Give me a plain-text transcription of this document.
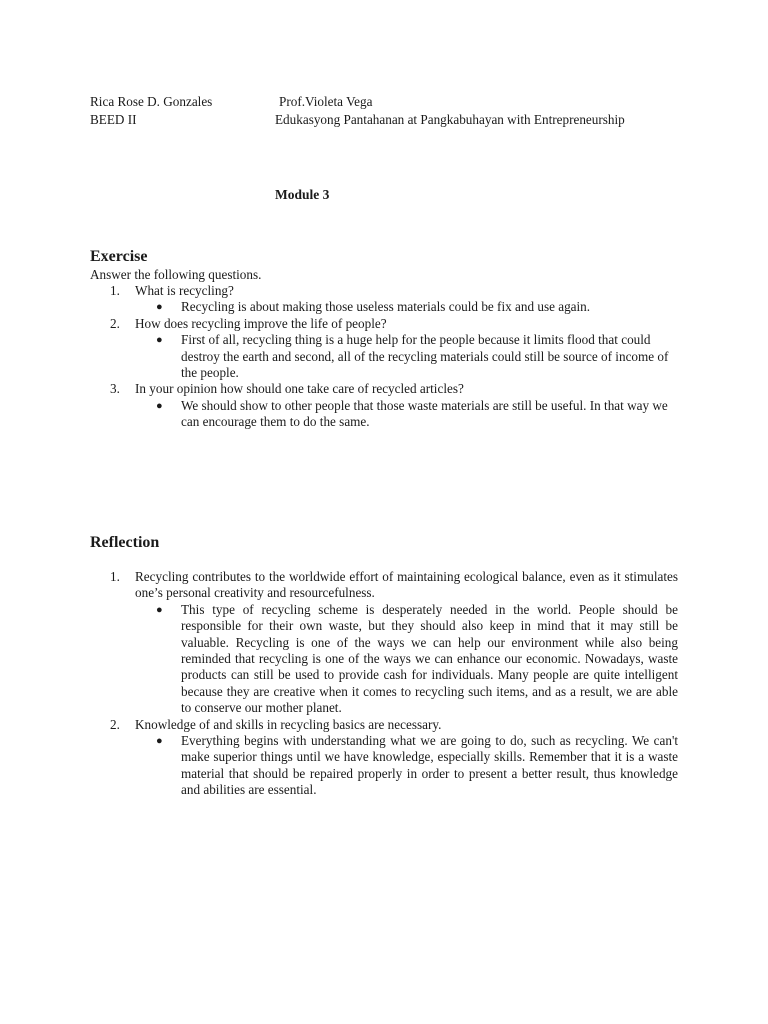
Rica Rose D. Gonzales	Prof.Violeta Vega
BEED II	Edukasyong Pantahanan at Pangkabuhayan with Entrepreneurship
Module 3
Exercise
Answer the following questions.
1.	What is recycling?
● Recycling is about making those useless materials could be fix and use again.
2.	How does recycling improve the life of people?
● First of all, recycling thing is a huge help for the people because it limits flood that could destroy the earth and second, all of the recycling materials could still be source of income of the people.
3.	In your opinion how should one take care of recycled articles?
● We should show to other people that those waste materials are still be useful. In that way we can encourage them to do the same.
Reflection
1.	Recycling contributes to the worldwide effort of maintaining ecological balance, even as it stimulates one’s personal creativity and resourcefulness.
● This type of recycling scheme is desperately needed in the world. People should be responsible for their own waste, but they should also keep in mind that it may still be valuable. Recycling is one of the ways we can help our environment while also being reminded that recycling is one of the ways we can enhance our economic. Nowadays, waste products can still be used to provide cash for individuals. Many people are quite intelligent because they are creative when it comes to recycling such items, and as a result, we are able to conserve our mother planet.
2.	Knowledge of and skills in recycling basics are necessary.
● Everything begins with understanding what we are going to do, such as recycling. We can't make superior things until we have knowledge, especially skills. Remember that it is a waste material that should be repaired properly in order to present a better result, thus knowledge and abilities are essential.
